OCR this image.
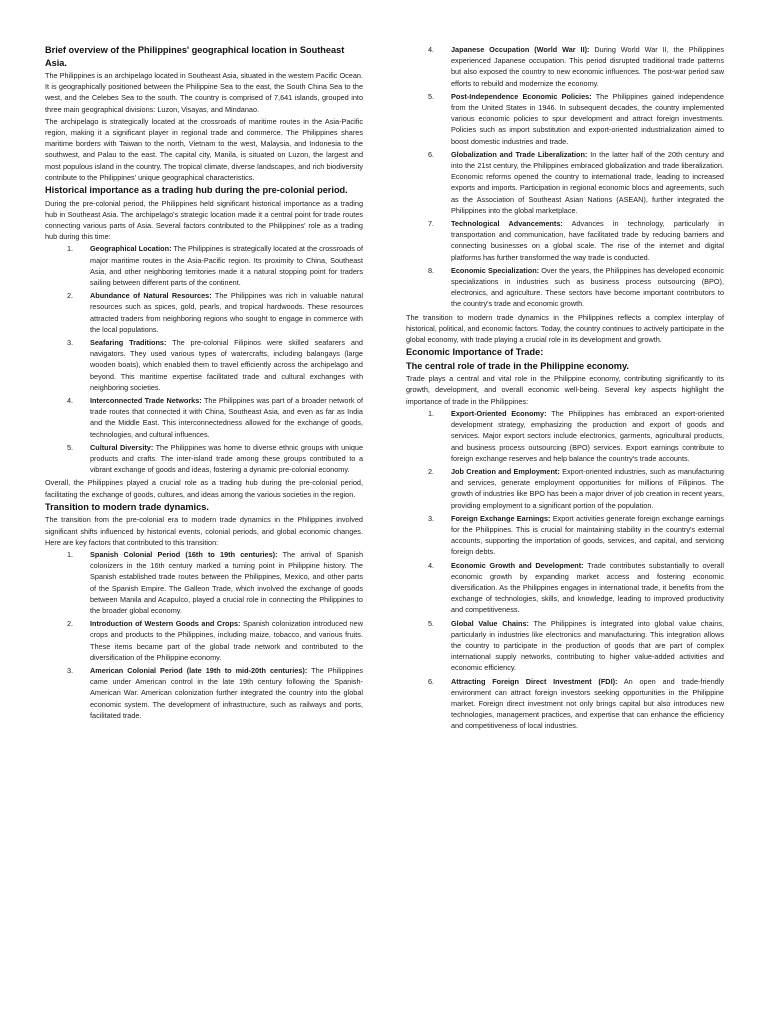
Brief overview of the Philippines' geographical location in Southeast Asia.

The Philippines is an archipelago located in Southeast Asia, situated in the western Pacific Ocean. It is geographically positioned between the Philippine Sea to the east, the South China Sea to the west, and the Celebes Sea to the south. The country is comprised of 7,641 islands, grouped into three main geographical divisions: Luzon, Visayas, and Mindanao.

The archipelago is strategically located at the crossroads of maritime routes in the Asia-Pacific region, making it a significant player in regional trade and commerce. The Philippines shares maritime borders with Taiwan to the north, Vietnam to the west, Malaysia, and Indonesia to the southwest, and Palau to the east. The capital city, Manila, is situated on Luzon, the largest and most populous island in the country. The tropical climate, diverse landscapes, and rich biodiversity contribute to the Philippines' unique geographical characteristics.

Historical importance as a trading hub during the pre-colonial period.

During the pre-colonial period, the Philippines held significant historical importance as a trading hub in Southeast Asia. The archipelago's strategic location made it a central point for trade routes connecting various parts of Asia. Several factors contributed to the Philippines' role as a trading hub during this time:

1. Geographical Location: The Philippines is strategically located at the crossroads of major maritime routes in the Asia-Pacific region. Its proximity to China, Southeast Asia, and other neighboring territories made it a natural stopping point for traders sailing between different parts of the continent.
2. Abundance of Natural Resources: The Philippines was rich in valuable natural resources such as spices, gold, pearls, and tropical hardwoods. These resources attracted traders from neighboring regions who sought to engage in commerce with the local populations.
3. Seafaring Traditions: The pre-colonial Filipinos were skilled seafarers and navigators. They used various types of watercrafts, including balangays (large wooden boats), which enabled them to travel efficiently across the archipelago and beyond. This maritime expertise facilitated trade and cultural exchanges with neighboring societies.
4. Interconnected Trade Networks: The Philippines was part of a broader network of trade routes that connected it with China, Southeast Asia, and even as far as India and the Middle East. This interconnectedness allowed for the exchange of goods, technologies, and cultural influences.
5. Cultural Diversity: The Philippines was home to diverse ethnic groups with unique products and crafts. The inter-island trade among these groups contributed to a vibrant exchange of goods and ideas, fostering a dynamic pre-colonial economy.

Overall, the Philippines played a crucial role as a trading hub during the pre-colonial period, facilitating the exchange of goods, cultures, and ideas among the various societies in the region.

Transition to modern trade dynamics.

The transition from the pre-colonial era to modern trade dynamics in the Philippines involved significant shifts influenced by historical events, colonial periods, and global economic changes. Here are key factors that contributed to this transition:

1. Spanish Colonial Period (16th to 19th centuries): The arrival of Spanish colonizers in the 16th century marked a turning point in Philippine history. The Spanish established trade routes between the Philippines, Mexico, and other parts of the Spanish Empire. The Galleon Trade, which involved the exchange of goods between Manila and Acapulco, played a crucial role in connecting the Philippines to the broader global economy.
2. Introduction of Western Goods and Crops: Spanish colonization introduced new crops and products to the Philippines, including maize, tobacco, and various fruits. These items became part of the global trade network and contributed to the diversification of the Philippine economy.
3. American Colonial Period (late 19th to mid-20th centuries): The Philippines came under American control in the late 19th century following the Spanish-American War. American colonization further integrated the country into the global economic system. The development of infrastructure, such as railways and ports, facilitated trade.
4. Japanese Occupation (World War II): During World War II, the Philippines experienced Japanese occupation. This period disrupted traditional trade patterns but also exposed the country to new economic influences. The post-war period saw efforts to rebuild and modernize the economy.
5. Post-Independence Economic Policies: The Philippines gained independence from the United States in 1946. In subsequent decades, the country implemented various economic policies to spur development and attract foreign investments. Policies such as import substitution and export-oriented industrialization aimed to boost domestic industries and trade.
6. Globalization and Trade Liberalization: In the latter half of the 20th century and into the 21st century, the Philippines embraced globalization and trade liberalization. Economic reforms opened the country to international trade, leading to increased exports and imports. Participation in regional economic blocs and agreements, such as the Association of Southeast Asian Nations (ASEAN), further integrated the Philippines into the global marketplace.
7. Technological Advancements: Advances in technology, particularly in transportation and communication, have facilitated trade by reducing barriers and connecting businesses on a global scale. The rise of the internet and digital platforms has further transformed the way trade is conducted.
8. Economic Specialization: Over the years, the Philippines has developed economic specializations in industries such as business process outsourcing (BPO), electronics, and agriculture. These sectors have become important contributors to the country's trade and economic growth.

The transition to modern trade dynamics in the Philippines reflects a complex interplay of historical, political, and economic factors. Today, the country continues to actively participate in the global economy, with trade playing a crucial role in its development and growth.

Economic Importance of Trade:
The central role of trade in the Philippine economy.

Trade plays a central and vital role in the Philippine economy, contributing significantly to its growth, development, and overall economic well-being. Several key aspects highlight the importance of trade in the Philippines:

1. Export-Oriented Economy: The Philippines has embraced an export-oriented development strategy, emphasizing the production and export of goods and services. Major export sectors include electronics, garments, agricultural products, and business process outsourcing (BPO) services. Export earnings contribute to foreign exchange reserves and help balance the country's trade accounts.
2. Job Creation and Employment: Export-oriented industries, such as manufacturing and services, generate employment opportunities for millions of Filipinos. The growth of industries like BPO has been a major driver of job creation in recent years, providing employment to a significant portion of the population.
3. Foreign Exchange Earnings: Export activities generate foreign exchange earnings for the Philippines. This is crucial for maintaining stability in the country's external accounts, supporting the importation of goods, services, and capital, and servicing foreign debts.
4. Economic Growth and Development: Trade contributes substantially to overall economic growth by expanding market access and fostering economic diversification. As the Philippines engages in international trade, it benefits from the exchange of technologies, skills, and knowledge, leading to improved productivity and competitiveness.
5. Global Value Chains: The Philippines is integrated into global value chains, particularly in industries like electronics and manufacturing. This integration allows the country to participate in the production of goods that are part of complex international supply networks, contributing to higher value-added activities and economic efficiency.
6. Attracting Foreign Direct Investment (FDI): An open and trade-friendly environment can attract foreign investors seeking opportunities in the Philippine market. Foreign direct investment not only brings capital but also introduces new technologies, management practices, and expertise that can enhance the efficiency and competitiveness of local industries.
